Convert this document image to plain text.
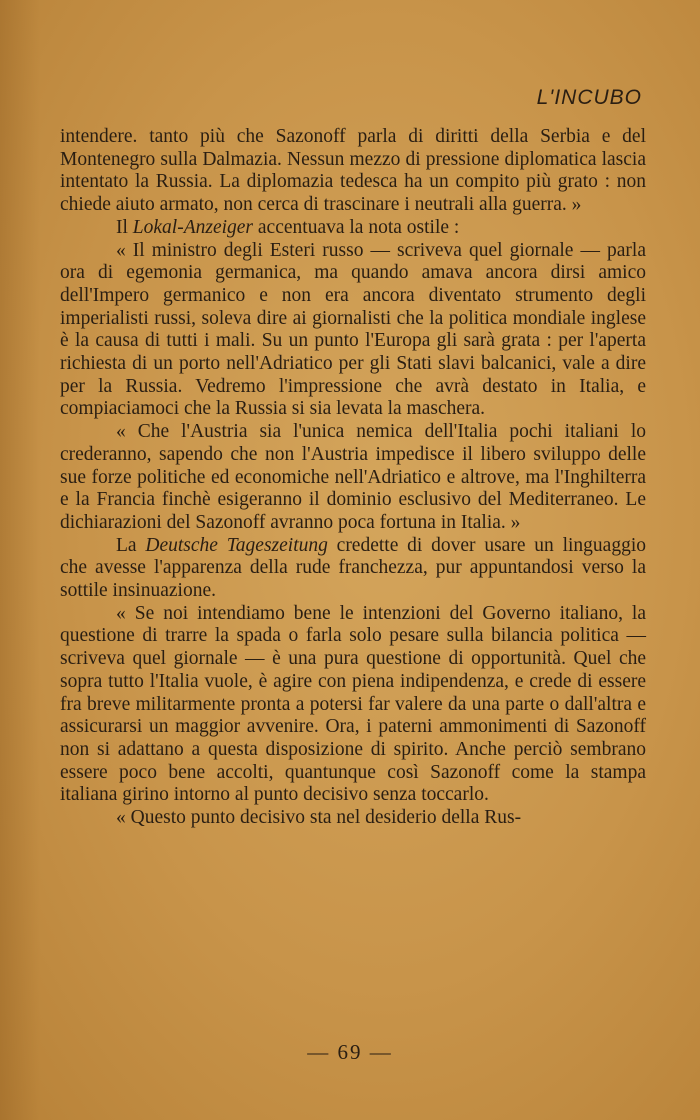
L'INCUBO

intendere. tanto più che Sazonoff parla di diritti della Serbia e del Montenegro sulla Dalmazia. Nessun mezzo di pressione diplomatica lascia intentato la Russia. La diplomazia tedesca ha un compito più grato : non chiede aiuto armato, non cerca di trascinare i neutrali alla guerra. »

Il Lokal-Anzeiger accentuava la nota ostile :

« Il ministro degli Esteri russo — scriveva quel giornale — parla ora di egemonia germanica, ma quando amava ancora dirsi amico dell'Impero germanico e non era ancora diventato strumento degli imperialisti russi, soleva dire ai giornalisti che la politica mondiale inglese è la causa di tutti i mali. Su un punto l'Europa gli sarà grata : per l'aperta richiesta di un porto nell'Adriatico per gli Stati slavi balcanici, vale a dire per la Russia. Vedremo l'impressione che avrà destato in Italia, e compiaciamoci che la Russia si sia levata la maschera.

« Che l'Austria sia l'unica nemica dell'Italia pochi italiani lo crederanno, sapendo che non l'Austria impedisce il libero sviluppo delle sue forze politiche ed economiche nell'Adriatico e altrove, ma l'Inghilterra e la Francia finchè esigeranno il dominio esclusivo del Mediterraneo. Le dichiarazioni del Sazonoff avranno poca fortuna in Italia. »

La Deutsche Tageszeitung credette di dover usare un linguaggio che avesse l'apparenza della rude franchezza, pur appuntandosi verso la sottile insinuazione.

« Se noi intendiamo bene le intenzioni del Governo italiano, la questione di trarre la spada o farla solo pesare sulla bilancia politica — scriveva quel giornale — è una pura questione di opportunità. Quel che sopra tutto l'Italia vuole, è agire con piena indipendenza, e crede di essere fra breve militarmente pronta a potersi far valere da una parte o dall'altra e assicurarsi un maggior avvenire. Ora, i paterni ammonimenti di Sazonoff non si adattano a questa disposizione di spirito. Anche perciò sembrano essere poco bene accolti, quantunque così Sazonoff come la stampa italiana girino intorno al punto decisivo senza toccarlo.

« Questo punto decisivo sta nel desiderio della Rus-

— 69 —
